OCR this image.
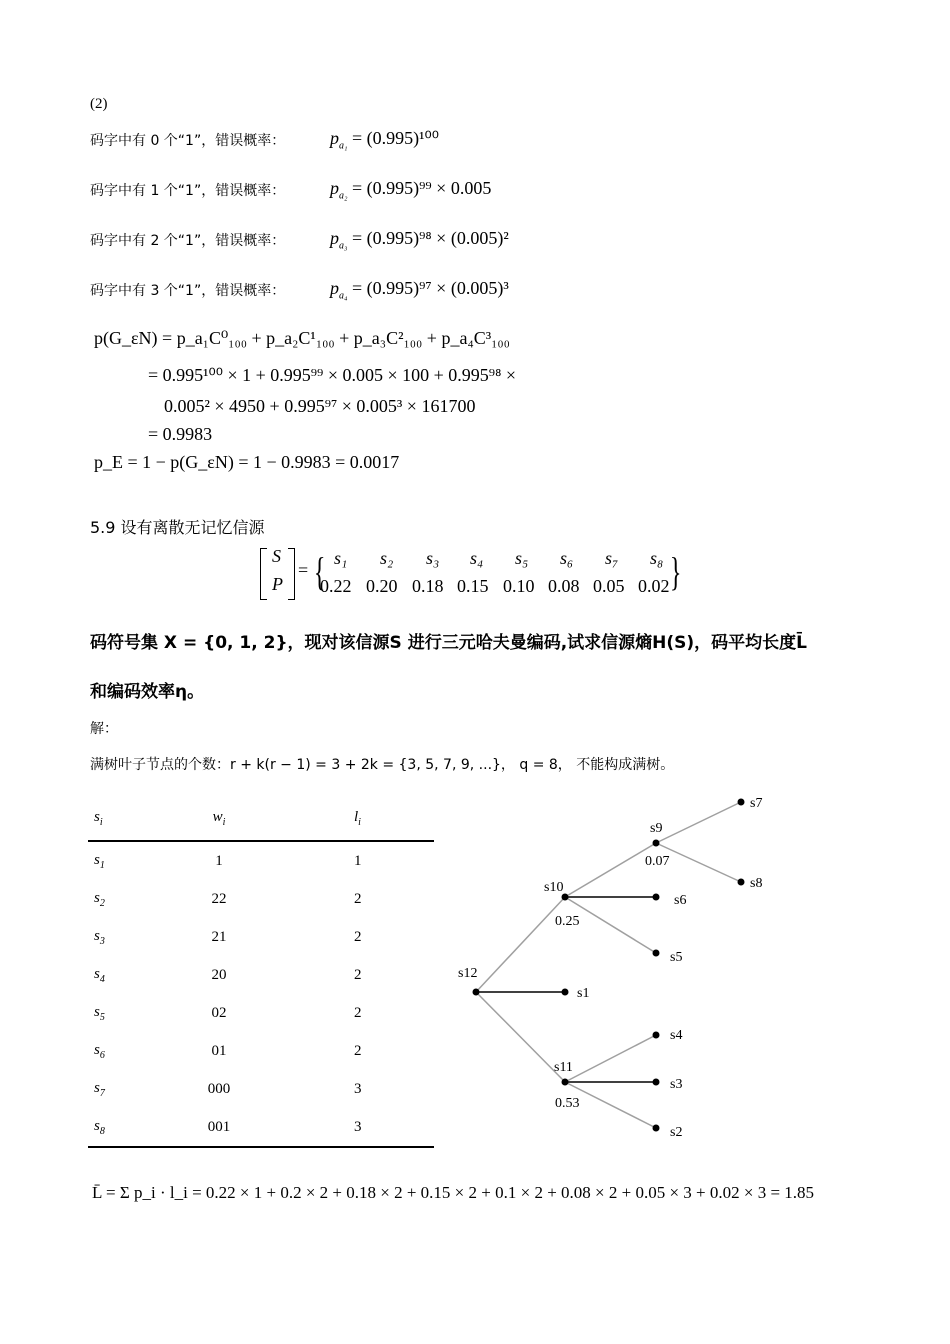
(2)
码字中有 0 个“1”，错误概率： $p_{a_1} = (0.995)^{100}$
码字中有 1 个“1”，错误概率： $p_{a_2} = (0.995)^{99} \times 0.005$
码字中有 2 个“1”，错误概率： $p_{a_3} = (0.995)^{98} \times (0.005)^2$
码字中有 3 个“1”，错误概率： $p_{a_4} = (0.995)^{97} \times (0.005)^3$
p(G_εN) = p_a₁C⁰₁₀₀ + p_a₂C¹₁₀₀ + p_a₃C²₁₀₀ + p_a₄C³₁₀₀
= 0.995¹⁰⁰ × 1 + 0.995⁹⁹ × 0.005 × 100 + 0.995⁹⁸ ×
0.005² × 4950 + 0.995⁹⁷ × 0.005³ × 161700
= 0.9983
p_E = 1 − p(G_εN) = 1 − 0.9983 = 0.0017
5.9 设有离散无记忆信源
S
P
= {	}
s₁ s₂ s₃ s₄ s₅ s₆ s₇ s₈
0.22 0.20 0.18 0.15 0.10 0.08 0.05 0.02
码符号集 X = {0, 1, 2}，现对该信源S 进行三元哈夫曼编码,试求信源熵H(S)，码平均长度L̄
和编码效率η。
解：
满树叶子节点的个数：r + k(r − 1) = 3 + 2k = {3, 5, 7, 9, ...}， q = 8， 不能构成满树。
$s_i$	$w_i$	$l_i$
$s_1$	1	1
$s_2$	22	2
$s_3$	21	2
$s_4$	20	2
$s_5$	02	2
$s_6$	01	2
$s_7$	000	3
$s_8$	001	3
s12
s10
0.25
s11
0.53
s9
0.07
s1
s2
s3
s4
s5
s6
s7
s8
L̄ = Σ p_i · l_i = 0.22 × 1 + 0.2 × 2 + 0.18 × 2 + 0.15 × 2 + 0.1 × 2 + 0.08 × 2 + 0.05 × 3 + 0.02 × 3 = 1.85
